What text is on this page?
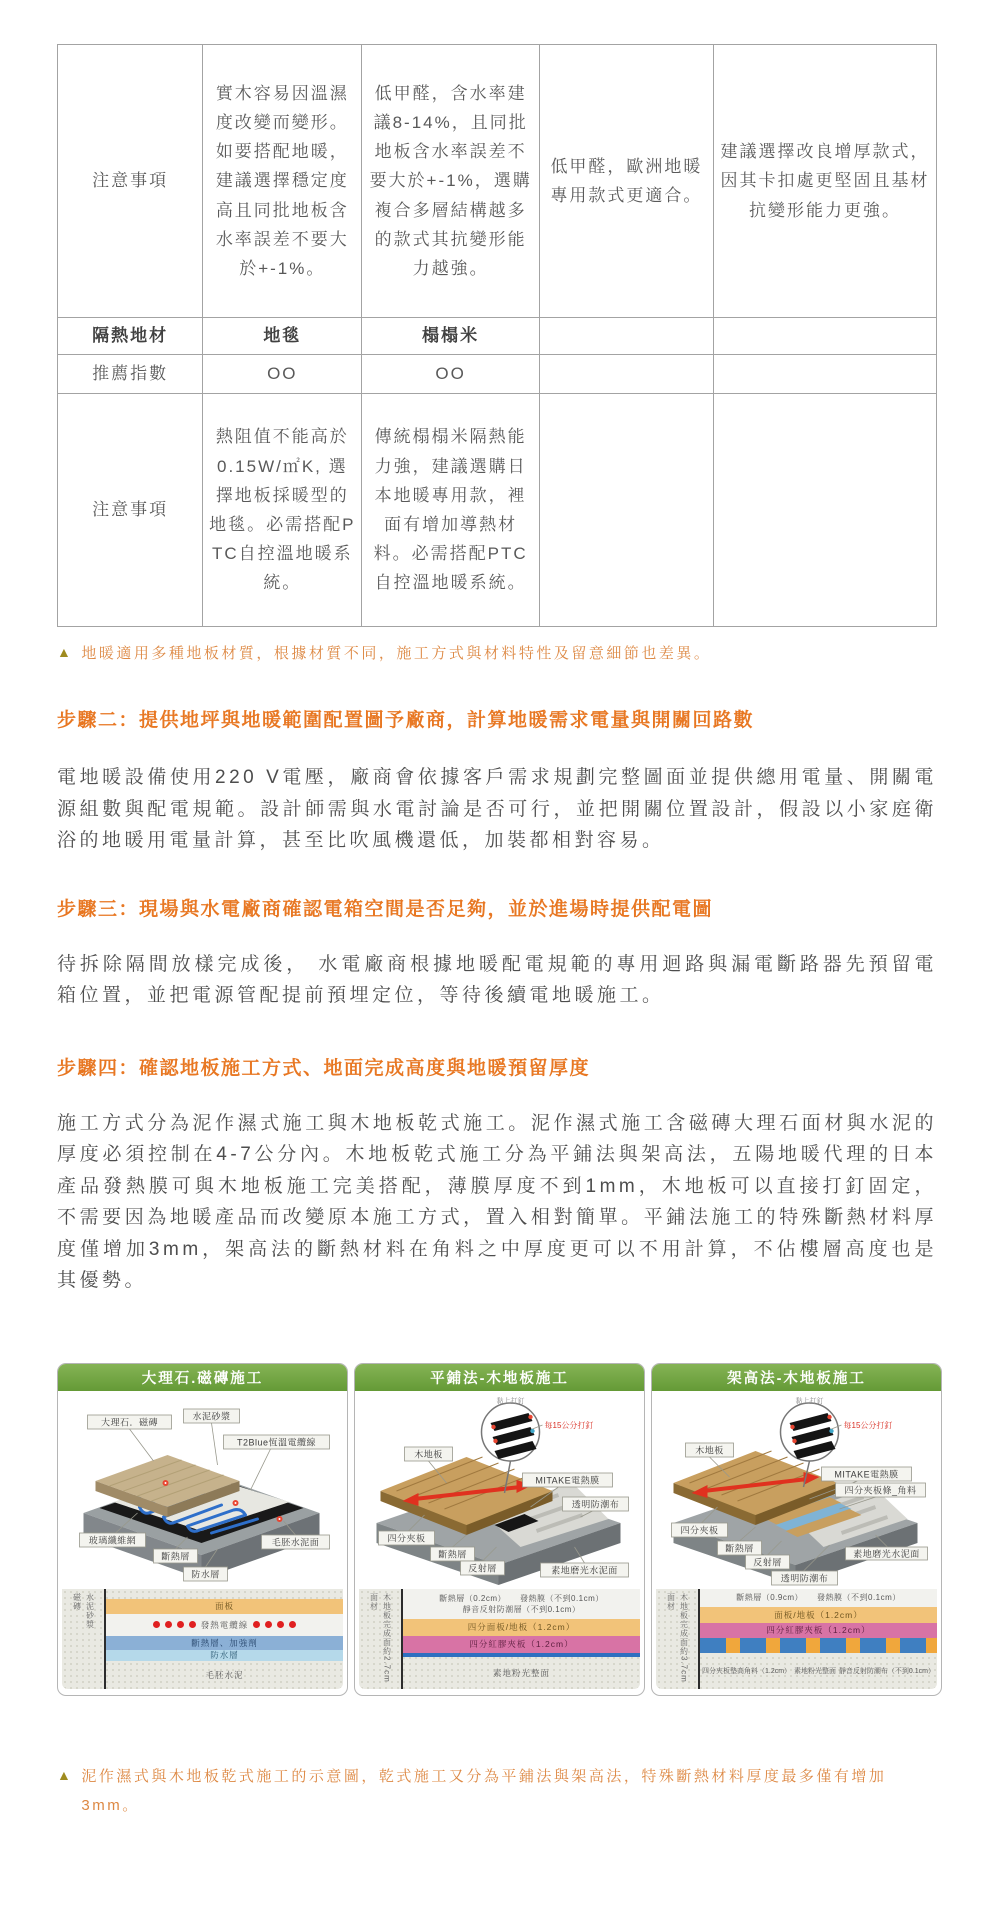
注意事項	實木容易因溫濕度改變而變形。如要搭配地暖，建議選擇穩定度高且同批地板含水率誤差不要大於+-1%。	低甲醛，含水率建議8-14%，且同批地板含水率誤差不要大於+-1%，選購複合多層結構越多的款式其抗變形能力越強。	低甲醛，歐洲地暖專用款式更適合。	建議選擇改良增厚款式，因其卡扣處更堅固且基材抗變形能力更強。
隔熱地材	地毯	榻榻米		
推薦指數	OO	OO		
注意事項	熱阻值不能高於0.15W/㎡K, 選擇地板採暖型的地毯。必需搭配PTC自控溫地暖系統。	傳統榻榻米隔熱能力強，建議選購日本地暖專用款，裡面有增加導熱材料。必需搭配PTC自控溫地暖系統。		
▲ 地暖適用多種地板材質，根據材質不同，施工方式與材料特性及留意細節也差異。
步驟二：提供地坪與地暖範圍配置圖予廠商，計算地暖需求電量與開關回路數
電地暖設備使用220 V電壓，廠商會依據客戶需求規劃完整圖面並提供總用電量、開關電源組數與配電規範。設計師需與水電討論是否可行，並把開關位置設計，假設以小家庭衛浴的地暖用電量計算，甚至比吹風機還低，加裝都相對容易。
步驟三：現場與水電廠商確認電箱空間是否足夠，並於進場時提供配電圖
待拆除隔間放樣完成後， 水電廠商根據地暖配電規範的專用迴路與漏電斷路器先預留電箱位置，並把電源管配提前預埋定位，等待後續電地暖施工。
步驟四：確認地板施工方式、地面完成高度與地暖預留厚度
施工方式分為泥作濕式施工與木地板乾式施工。泥作濕式施工含磁磚大理石面材與水泥的厚度必須控制在4-7公分內。木地板乾式施工分為平鋪法與架高法，五陽地暖代理的日本產品發熱膜可與木地板施工完美搭配，薄膜厚度不到1mm，木地板可以直接打釘固定，不需要因為地暖產品而改變原本施工方式，置入相對簡單。平鋪法施工的特殊斷熱材料厚度僅增加3mm，架高法的斷熱材料在角料之中厚度更可以不用計算，不佔樓層高度也是其優勢。
大理石.磁磚施工
大理石．磁磚
水泥砂漿
T2Blue恆溫電纜線
玻璃纖維網
斷熱層
防水層
毛胚水泥面
磁磚 水泥砂漿	面板
發熱電纜線
斷熱層、加強劑
防水層
毛胚水泥
平鋪法-木地板施工
黏上打釘
每15公分打釘
木地板
MITAKE電熱膜
透明防潮布
四分夾板
斷熱層
反射層	素地磨光水泥面
面材 木地板完成面約2.7cm	斷熱層（0.2cm） 發熱膜（不到0.1cm）
靜音反射防潮層（不到0.1cm）
四分面板/地板（1.2cm）
四分紅膠夾板（1.2cm）
素地粉光整面
架高法-木地板施工
黏上打釘
每15公分打釘
木地板
MITAKE電熱膜
四分夾板條_角料
四分夾板
斷熱層
反射層
素地磨光水泥面
透明防潮布
面材 木地板完成面約3.7cm	斷熱層（0.9cm） 發熱膜（不到0.1cm）
面板/地板（1.2cm）
四分紅膠夾板（1.2cm）
四分夾板墊高角料（1.2cm） 素地粉光整面 靜音反射防潮布（不到0.1cm）
▲ 泥作濕式與木地板乾式施工的示意圖，乾式施工又分為平鋪法與架高法，特殊斷熱材料厚度最多僅有增加3mm。
